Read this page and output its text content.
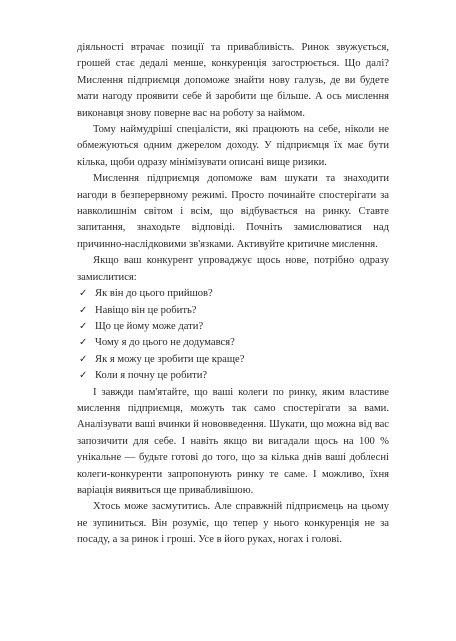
діяльності втрачає позиції та привабливість. Ринок звужується, грошей стає дедалі менше, конкуренція загострюється. Що далі? Мислення підприємця допоможе знайти нову галузь, де ви будете мати нагоду проявити себе й заробити ще більше. А ось мислення виконавця знову поверне вас на роботу за наймом.

Тому наймудріші спеціалісти, які працюють на себе, ніколи не обмежуються одним джерелом доходу. У підприємця їх має бути кілька, щоби одразу мінімізувати описані вище ризики.

Мислення підприємця допоможе вам шукати та знаходити нагоди в безперервному режимі. Просто починайте спостерігати за навколишнім світом і всім, що відбувається на ринку. Ставте запитання, знаходьте відповіді. Почніть замислюватися над причинно-наслідковими зв'язками. Активуйте критичне мислення.

Якщо ваш конкурент упроваджує щось нове, потрібно одразу замислитися:

✓ Як він до цього прийшов?
✓ Навіщо він це робить?
✓ Що це йому може дати?
✓ Чому я до цього не додумався?
✓ Як я можу це зробити ще краще?
✓ Коли я почну це робити?

І завжди пам'ятайте, що ваші колеги по ринку, яким властиве мислення підприємця, можуть так само спостерігати за вами. Аналізувати ваші вчинки й нововведення. Шукати, що можна від вас запозичити для себе. І навіть якщо ви вигадали щось на 100 % унікальне — будьте готові до того, що за кілька днів ваші доблесні колеги-конкуренти запропонують ринку те саме. І можливо, їхня варіація виявиться ще привабливішою.

Хтось може засмутитись. Але справжній підприємець на цьому не зупиниться. Він розуміє, що тепер у нього конкуренція не за посаду, а за ринок і гроші. Усе в його руках, ногах і голові.
